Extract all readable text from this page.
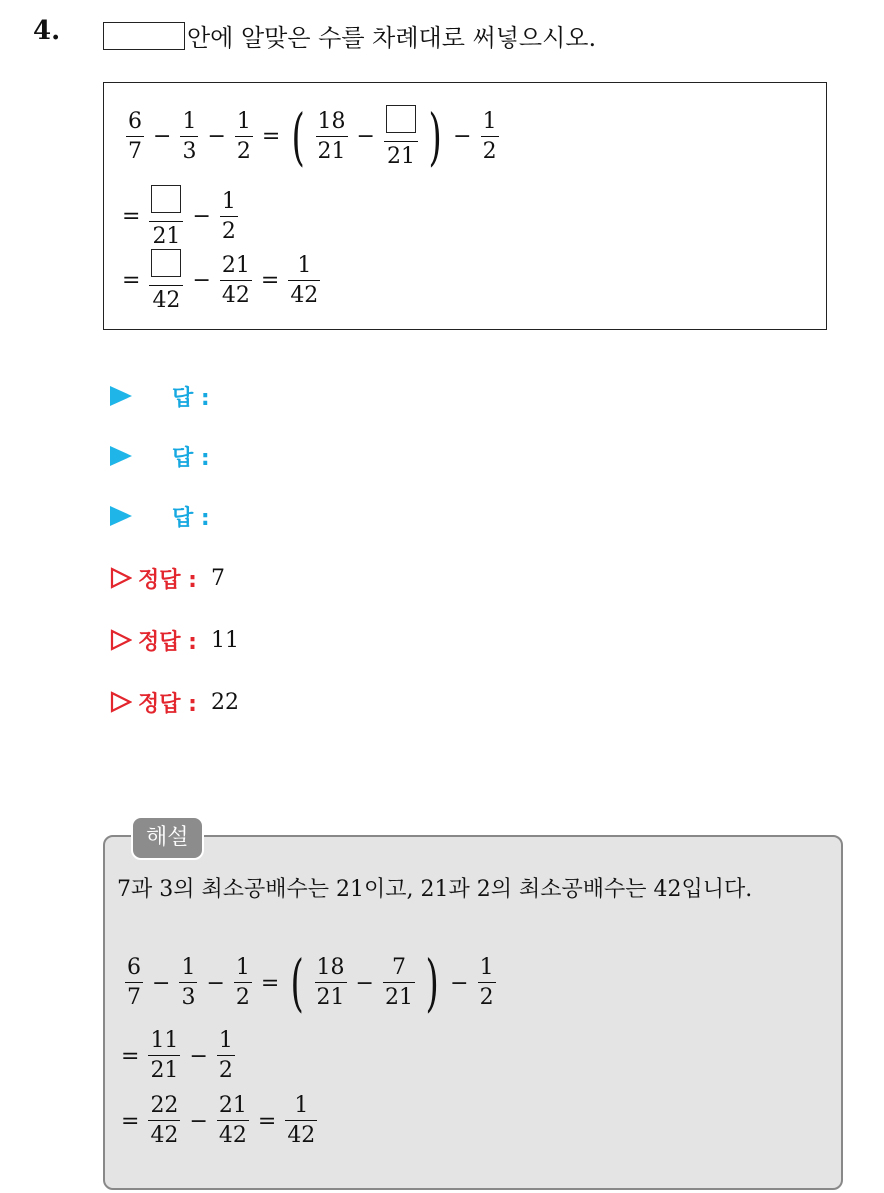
4.	안에 알맞은 수를 차례대로 써넣으시오.
$\frac{6}{7} - \frac{1}{3} - \frac{1}{2}$ = ( $\frac{18}{21}$ −
21 ) − $\frac{1}{2}$
=
21
− $\frac{1}{2}$
=
42
− $\frac{21}{42} = \frac{1}{42}$
답 :
답 :
답 :
정답 : 7
정답 : 11
정답 : 22
해설
7과 3의 최소공배수는 21이고, 21과 2의 최소공배수는 42입니다.
$\frac{6}{7} - \frac{1}{3} - \frac{1}{2}$ = ( $\frac{18}{21} - \frac{7}{21}$ ) − $\frac{1}{2}$
= $\frac{11}{21} - \frac{1}{2}$
= $\frac{22}{42} - \frac{21}{42} = \frac{1}{42}$
